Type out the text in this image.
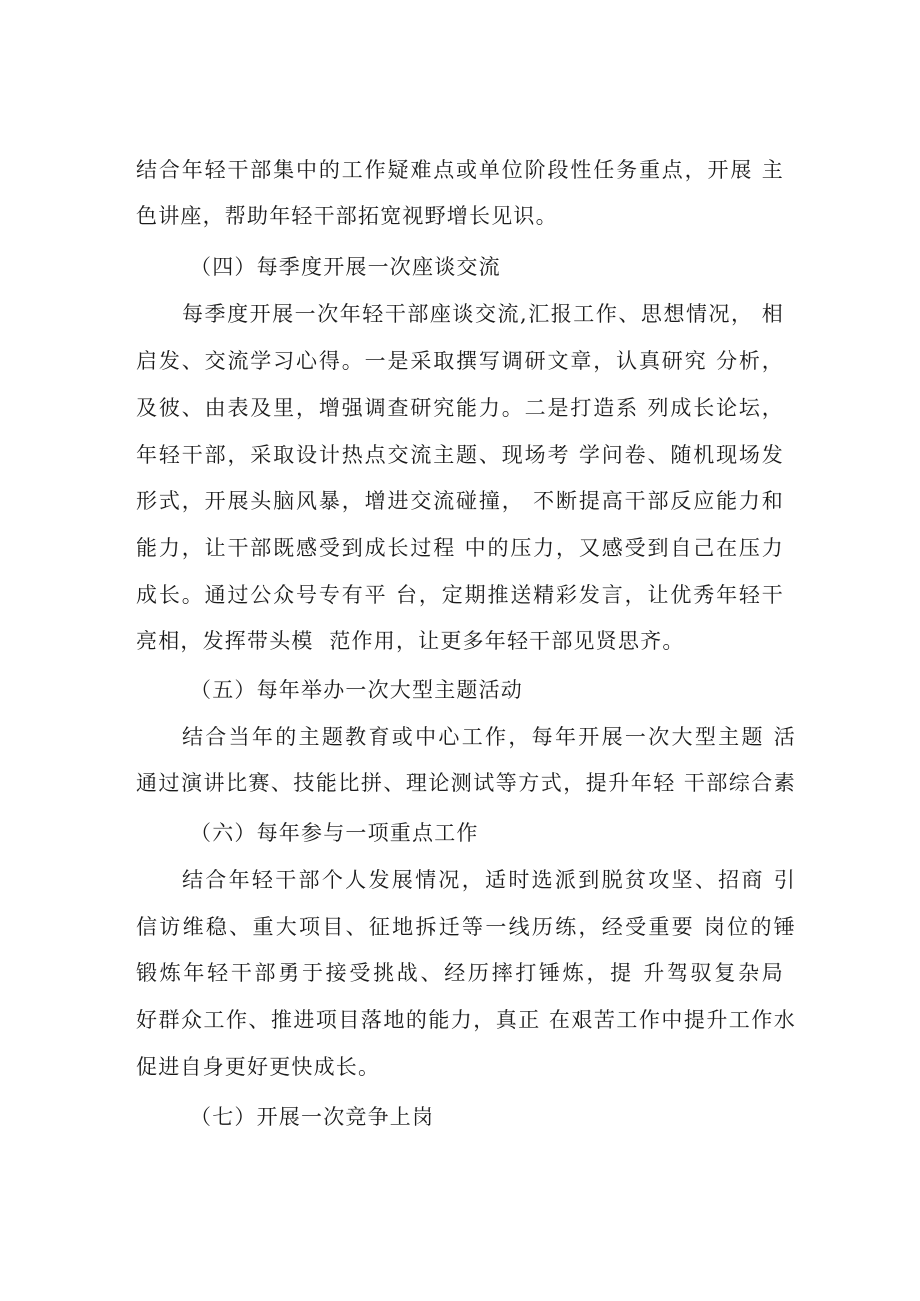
结合年轻干部集中的工作疑难点或单位阶段性任务重点，开展 主
色讲座，帮助年轻干部拓宽视野增长见识。
（四）每季度开展一次座谈交流
每季度开展一次年轻干部座谈交流,汇报工作、思想情况， 相
启发、交流学习心得。一是采取撰写调研文章，认真研究 分析，
及彼、由表及里，增强调查研究能力。二是打造系 列成长论坛，
年轻干部，采取设计热点交流主题、现场考 学问卷、随机现场发
形式，开展头脑风暴，增进交流碰撞， 不断提高干部反应能力和
能力，让干部既感受到成长过程 中的压力，又感受到自己在压力
成长。通过公众号专有平 台，定期推送精彩发言，让优秀年轻干
亮相，发挥带头模  范作用，让更多年轻干部见贤思齐。
（五）每年举办一次大型主题活动
结合当年的主题教育或中心工作，每年开展一次大型主题 活
通过演讲比赛、技能比拼、理论测试等方式，提升年轻 干部综合素
（六）每年参与一项重点工作
结合年轻干部个人发展情况，适时选派到脱贫攻坚、招商 引
信访维稳、重大项目、征地拆迁等一线历练，经受重要 岗位的锤
锻炼年轻干部勇于接受挑战、经历摔打锤炼，提 升驾驭复杂局
好群众工作、推进项目落地的能力，真正 在艰苦工作中提升工作水
促进自身更好更快成长。
（七）开展一次竞争上岗
